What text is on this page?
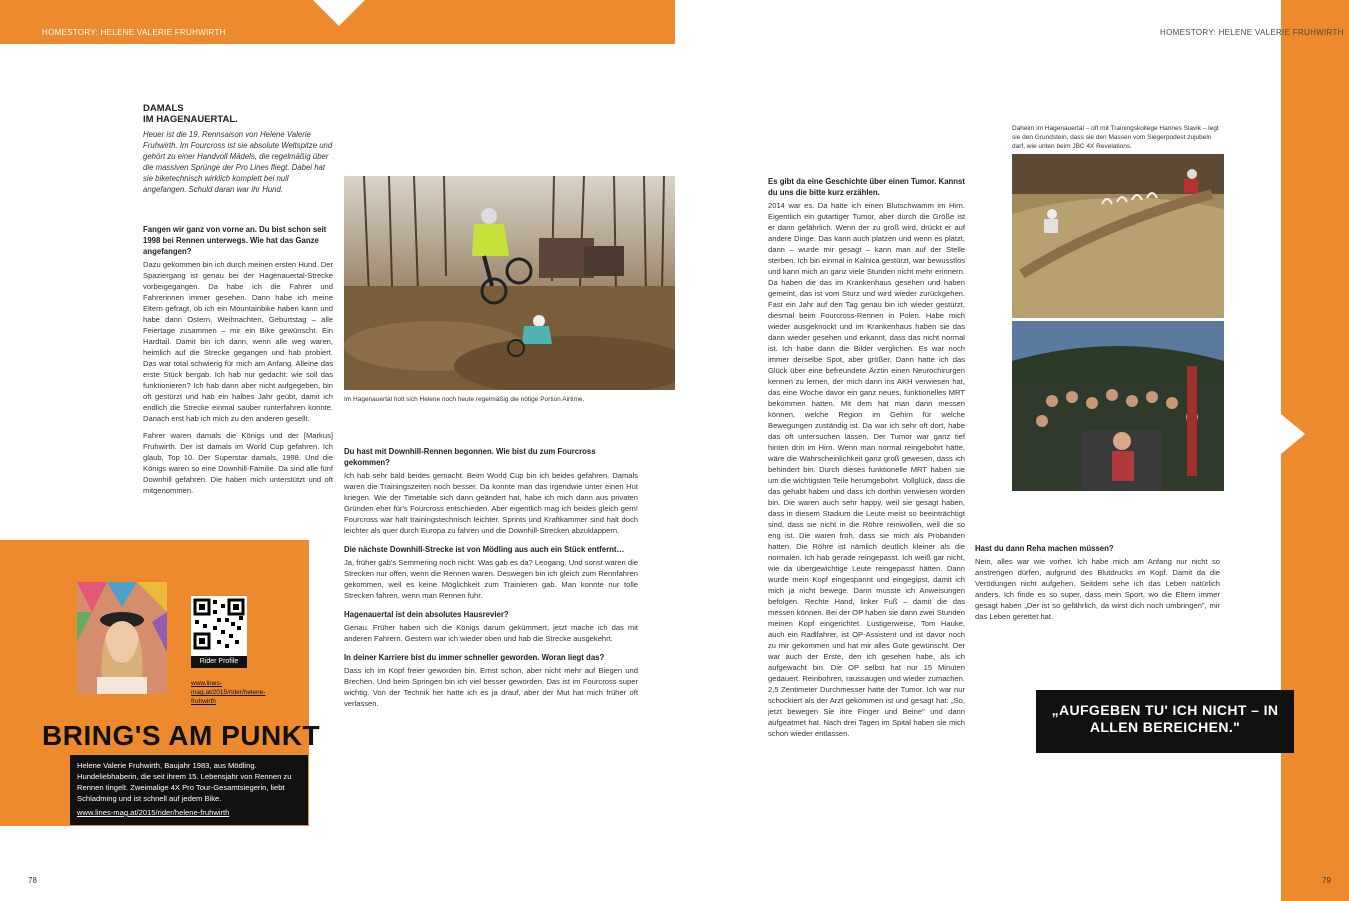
HOMESTORY: HELENE VALERIE FRUHWIRTH	HOMESTORY: HELENE VALERIE FRUHWIRTH
DAMALS
IM HAGENAUERTAL.
Heuer ist die 19. Rennsaison von Helene Valerie Fruhwirth. Im Fourcross ist sie absolute Weltspitze und gehört zu einer Handvoll Mädels, die regelmäßig über die massiven Sprünge der Pro Lines fliegt. Dabei hat sie biketechnisch wirklich komplett bei null angefangen. Schuld daran war ihr Hund.
Fangen wir ganz von vorne an. Du bist schon seit 1998 bei Rennen unterwegs. Wie hat das Ganze angefangen?

Dazu gekommen bin ich durch meinen ersten Hund. Der Spaziergang ist genau bei der Hagenauertal-Strecke vorbeigegangen. Da habe ich die Fahrer und Fahrerinnen immer gesehen. Dann habe ich meine Eltern gefragt, ob ich ein Mountainbike haben kann und habe dann Ostern, Weihnachten, Geburtstag – alle Feiertage zusammen – mir ein Bike gewünscht. Ein Hardtail. Damit bin ich dann, wenn alle weg waren, heimlich auf die Strecke gegangen und hab probiert. Das war total schwierig für mich am Anfang. Alleine das erste Stück bergab. Ich hab nur gedacht: wie soll das funktionieren? Ich hab dann aber nicht aufgegeben, bin oft gestürzt und hab ein halbes Jahr geübt, damit ich endlich die Strecke einmal sauber runterfahren konnte. Danach erst hab ich mich zu den anderen gesellt.

Fahrer waren damals die Königs und der [Markus] Fruhwirth. Der ist damals im World Cup gefahren. Ich glaub, Top 10. Der Superstar damals, 1998. Und die Königs waren so eine Downhill-Familie. Da sind alle fünf Downhill gefahren. Die haben mich unterstützt und oft mitgenommen.

Im Hagenauertal holt sich Helene noch heute regelmäßig die nötige Portion Airtime.
Du hast mit Downhill-Rennen begonnen. Wie bist du zum Fourcross gekommen?

Ich hab sehr bald beides gemacht. Beim World Cup bin ich beides gefahren. Damals waren die Trainingszeiten noch besser. Da konnte man das irgendwie unter einen Hut kriegen. Wie der Timetable sich dann geändert hat, habe ich mich dann aus privaten Gründen eher für's Fourcross entschieden. Aber eigentlich mag ich beides gleich gern! Fourcross war halt trainingstechnisch leichter. Sprints und Kraftkammer sind halt doch leichter als quer durch Europa zu fahren und die Downhill-Strecken abzuklappern.

Die nächste Downhill-Strecke ist von Mödling aus auch ein Stück entfernt…

Ja, früher gab's Semmering noch nicht. Was gab es da? Leogang. Und sonst waren die Strecken nur offen, wenn die Rennen waren. Deswegen bin ich gleich zum Rennfahren gekommen, weil es keine Möglichkeit zum Trainieren gab. Man konnte nur tolle Strecken fahren, wenn man Rennen fuhr.

Hagenauertal ist dein absolutes Hausrevier?

Genau. Früher haben sich die Königs darum gekümmert, jetzt mache ich das mit anderen Fahrern. Gestern war ich wieder oben und hab die Strecke ausgekehrt.

In deiner Karriere bist du immer schneller geworden. Woran liegt das?

Dass ich im Kopf freier geworden bin. Ernst schon, aber nicht mehr auf Biegen und Brechen. Und beim Springen bin ich viel besser geworden. Das ist im Fourcross super wichtig. Von der Technik her hatte ich es ja drauf, aber der Mut hat mich früher oft verlassen.

Es gibt da eine Geschichte über einen Tumor. Kannst du uns die bitte kurz erzählen.

2014 war es. Da hatte ich einen Blutschwamm im Hirn. Eigentlich ein gutartiger Tumor, aber durch die Größe ist er dann gefährlich. Wenn der zu groß wird, drückt er auf andere Dinge. Das kann auch platzen und wenn es platzt, dann – wurde mir gesagt – kann man auf der Stelle sterben. Ich bin einmal in Kalnica gestürzt, war bewusstlos und kann mich an ganz viele Stunden nicht mehr erinnern. Da haben die das im Krankenhaus gesehen und haben gemeint, das ist vom Sturz und wird wieder zurückgehen. Fast ein Jahr auf den Tag genau bin ich wieder gestürzt, diesmal beim Fourcross-Rennen in Polen. Habe mich wieder ausgeknockt und im Krankenhaus haben sie das dann wieder gesehen und erkannt, dass das nicht normal ist. Ich habe dann die Bilder verglichen. Es war noch immer derselbe Spot, aber größer. Dann hatte ich das Glück über eine befreundete Ärztin einen Neurochirurgen kennen zu lernen, der mich dann ins AKH verwiesen hat, das eine Woche davor ein ganz neues, funktionelles MRT bekommen hatten. Mit dem hat man dann messen können, welche Region im Gehirn für welche Bewegungen zuständig ist. Da war ich sehr oft dort, habe das oft untersuchen lassen. Der Tumor war ganz tief hinten drin im Hirn. Wenn man normal reingebohrt hätte, wäre die Wahrscheinlichkeit ganz groß gewesen, dass ich behindert bin. Durch dieses funktionelle MRT haben sie um die wichtigsten Teile herumgebohrt. Vollglück, dass die das gehabt haben und dass ich dorthin verwiesen worden bin. Die waren auch sehr happy, weil sie gesagt haben, dass in diesem Stadium die Leute meist so beeinträchtigt sind, dass sie nicht in die Röhre reinwollen, weil die so eng ist. Die waren froh, dass sie mich als Probanden hatten. Die Röhre ist nämlich deutlich kleiner als die normalen. Ich hab gerade reingepasst. Ich weiß gar nicht, wie da übergewichtige Leute reingepasst hätten. Dann wurde mein Kopf eingespannt und eingegipst, damit ich mich ja nicht bewege. Dann musste ich Anweisungen befolgen. Rechte Hand, linker Fuß – damit die das messen können. Bei der OP haben sie dann zwei Stunden meinen Kopf eingerichtet. Lustigerweise, Tom Hauke, auch ein Radlfahrer, ist OP-Assistent und ist davor noch zu mir gekommen und hat mir alles Gute gewünscht. Der war auch der Erste, den ich gesehen habe, als ich aufgewacht bin. Die OP selbst hat nur 15 Minuten gedauert. Reinbohren, raussaugen und wieder zumachen. 2,5 Zentimeter Durchmesser hatte der Tumor. Ich war nur schockiert als der Arzt gekommen ist und gesagt hat: „So, jetzt bewegen Sie ihre Finger und Beine" und dann aufgeatmet hat. Nach drei Tagen im Spital haben sie mich schon wieder entlassen.

Daheim im Hagenauertal – oft mit Trainingskollege Hannes Slavik – legt sie den Grundstein, dass sie den Massen vom Siegerpodest zujubeln darf, wie unten beim JBC 4X Revelations.
Hast du dann Reha machen müssen?

Nein, alles war wie vorher. Ich habe mich am Anfang nur nicht so anstrengen dürfen, aufgrund des Blutdrucks im Kopf. Damit da die Verödungen nicht aufgehen. Seitdem sehe ich das Leben natürlich anders. Ich finde es so super, dass mein Sport, wo die Eltern immer gesagt haben „Der ist so gefährlich, da wirst dich noch umbringen", mir das Leben gerettet hat.

„AUFGEBEN TU' ICH NICHT – IN ALLEN BEREICHEN."
Rider Profile
www.lines-mag.at/2015/rider/helene-fruhwirth
BRING'S AM PUNKT
Helene Valerie Fruhwirth, Baujahr 1983, aus Mödling. Hundeliebhaberin, die seit ihrem 15. Lebensjahr von Rennen zu Rennen tingelt. Zweimalige 4X Pro Tour-Gesamtsiegerin, liebt Schladming und ist schnell auf jedem Bike.
www.lines-mag.at/2015/rider/helene-fruhwirth
78	79
